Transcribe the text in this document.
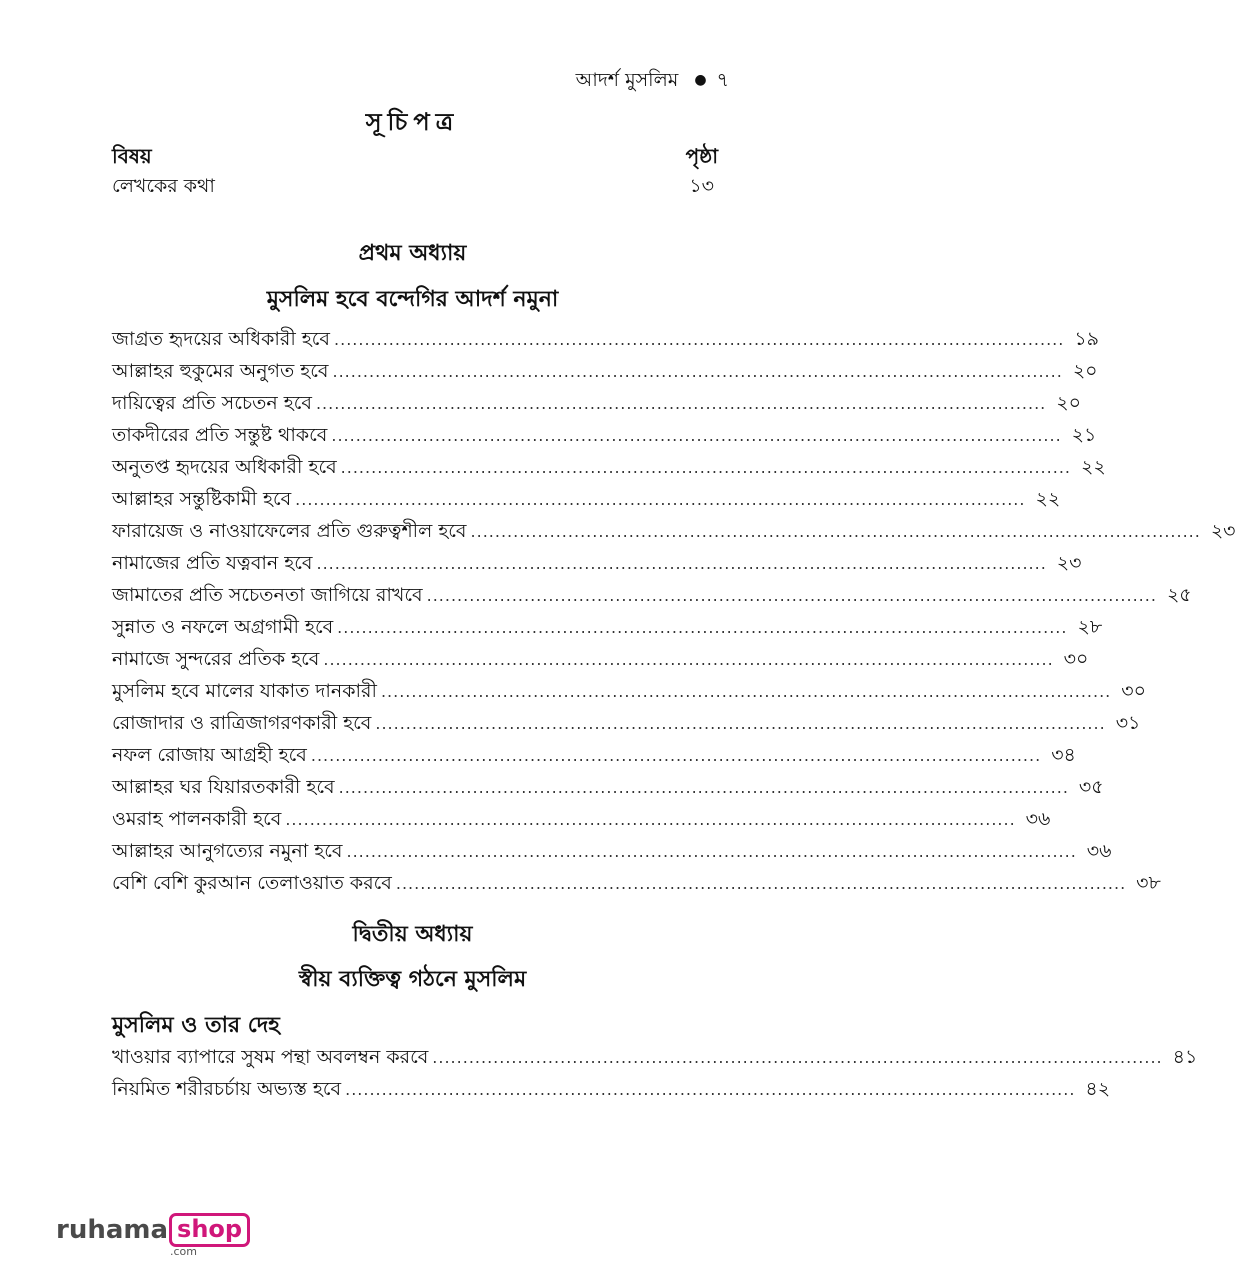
আদর্শ মুসলিম ● ৭
সূচিপত্র
বিষয়	পৃষ্ঠা
লেখকের কথা	১৩
প্রথম অধ্যায়
মুসলিম হবে বন্দেগির আদর্শ নমুনা
জাগ্রত হৃদয়ের অধিকারী হবে ........................................................................................................................ ১৯
আল্লাহর হুকুমের অনুগত হবে ........................................................................................................................ ২০
দায়িত্বের প্রতি সচেতন হবে ........................................................................................................................ ২০
তাকদীরের প্রতি সন্তুষ্ট থাকবে ........................................................................................................................ ২১
অনুতপ্ত হৃদয়ের অধিকারী হবে ........................................................................................................................ ২২
আল্লাহর সন্তুষ্টিকামী হবে ........................................................................................................................ ২২
ফারায়েজ ও নাওয়াফেলের প্রতি গুরুত্বশীল হবে ........................................................................................................................ ২৩
নামাজের প্রতি যত্নবান হবে ........................................................................................................................ ২৩
জামাতের প্রতি সচেতনতা জাগিয়ে রাখবে ........................................................................................................................ ২৫
সুন্নাত ও নফলে অগ্রগামী হবে ........................................................................................................................ ২৮
নামাজে সুন্দরের প্রতিক হবে ........................................................................................................................ ৩০
মুসলিম হবে মালের যাকাত দানকারী ........................................................................................................................ ৩০
রোজাদার ও রাত্রিজাগরণকারী হবে ........................................................................................................................ ৩১
নফল রোজায় আগ্রহী হবে ........................................................................................................................ ৩৪
আল্লাহর ঘর যিয়ারতকারী হবে ........................................................................................................................ ৩৫
ওমরাহ পালনকারী হবে ........................................................................................................................ ৩৬
আল্লাহর আনুগত্যের নমুনা হবে ........................................................................................................................ ৩৬
বেশি বেশি কুরআন তেলাওয়াত করবে ........................................................................................................................ ৩৮
দ্বিতীয় অধ্যায়
স্বীয় ব্যক্তিত্ব গঠনে মুসলিম
মুসলিম ও তার দেহ
খাওয়ার ব্যাপারে সুষম পন্থা অবলম্বন করবে ........................................................................................................................ ৪১
নিয়মিত শরীরচর্চায় অভ্যস্ত হবে ........................................................................................................................ ৪২
ruhama shop
.com
